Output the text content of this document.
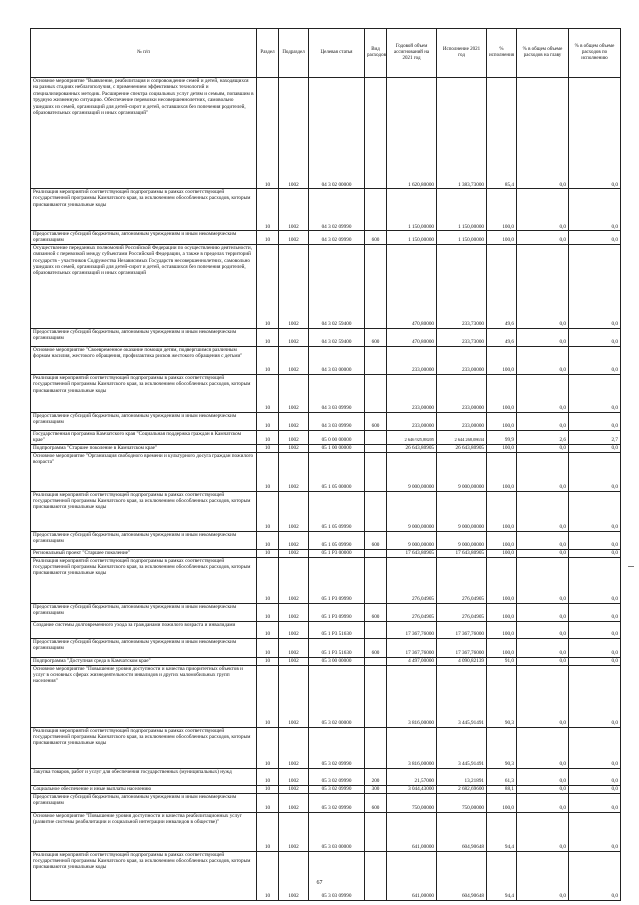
№ п/п	Раздел	Подраздел	Целевая статья	Вид расходов	Годовой объем ассигнований на 2021 год	Исполнение 2021 год	% исполнения	% в общем объеме расходов на главу	% в общем объеме расходов по исполнению
Основное мероприятие "Выявление, реабилитация и сопровождение семей и детей, находящихся на разных стадиях неблагополучия, с применением эффективных технологий и специализированных методик. Расширение спектра социальных услуг детям и семьям, попавшим в трудную жизненную ситуацию. Обеспечение перевозки несовершеннолетних, самовольно ушедших из семей, организаций для детей-сирот и детей, оставшихся без попечения родителей, образовательных организаций и иных организаций"	10	1002	04 3 02 00000		1 620,80000	1 383,73000	85,4	0,0	0,0
Реализация мероприятий соответствующей подпрограммы в рамках соответствующей государственной программы Камчатского края, за исключением обособленных расходов, которым присваиваются уникальные коды	10	1002	04 3 02 09990		1 150,00000	1 150,00000	100,0	0,0	0,0
Предоставление субсидий бюджетным, автономным учреждениям и иным некоммерческим организациям	10	1002	04 3 02 09990	600	1 150,00000	1 150,00000	100,0	0,0	0,0
Осуществление переданных полномочий Российской Федерации по осуществлению деятельности, связанной с перевозкой между субъектами Российской Федерации, а также в пределах территорий государств - участников Содружества Независимых Государств несовершеннолетних, самовольно ушедших из семей, организаций для детей-сирот и детей, оставшихся без попечения родителей, образовательных организаций и иных организаций	10	1002	04 3 02 59400		470,80000	233,73000	49,6	0,0	0,0
Предоставление субсидий бюджетным, автономным учреждениям и иным некоммерческим организациям	10	1002	04 3 02 59400	600	470,80000	233,73000	49,6	0,0	0,0
Основное мероприятие "Своевременное оказание помощи детям, подвергшимся различным формам насилия, жестокого обращения, профилактика рисков жестокого обращения с детьми"	10	1002	04 3 03 00000		233,00000	233,00000	100,0	0,0	0,0
Реализация мероприятий соответствующей подпрограммы в рамках соответствующей государственной программы Камчатского края, за исключением обособленных расходов, которым присваиваются уникальные коды	10	1002	04 3 03 09990		233,00000	233,00000	100,0	0,0	0,0
Предоставление субсидий бюджетным, автономным учреждениям и иным некоммерческим организациям	10	1002	04 3 03 09990	600	233,00000	233,00000	100,0	0,0	0,0
Государственная программа Камчатского края "Социальная поддержка граждан в Камчатском крае"	10	1002	05 0 00 00000		2 646 925,88205	2 644 268,08634	99,9	2,6	2,7
Подпрограмма "Старшее поколение в Камчатском крае"	10	1002	05 1 00 00000		26 643,80905	26 643,80905	100,0	0,0	0,0
Основное мероприятие "Организация свободного времени и культурного досуга граждан пожилого возраста"	10	1002	05 1 05 00000		9 000,00000	9 000,00000	100,0	0,0	0,0
Реализация мероприятий соответствующей подпрограммы в рамках соответствующей государственной программы Камчатского края, за исключением обособленных расходов, которым присваиваются уникальные коды	10	1002	05 1 05 09990		9 000,00000	9 000,00000	100,0	0,0	0,0
Предоставление субсидий бюджетным, автономным учреждениям и иным некоммерческим организациям	10	1002	05 1 05 09990	600	9 000,00000	9 000,00000	100,0	0,0	0,0
Региональный проект "Старшее поколение"	10	1002	05 1 P3 00000		17 643,80905	17 643,80905	100,0	0,0	0,0
Реализация мероприятий соответствующей подпрограммы в рамках соответствующей государственной программы Камчатского края, за исключением обособленных расходов, которым присваиваются уникальные коды	10	1002	05 1 P3 09990		276,04905	276,04905	100,0	0,0	0,0
Предоставление субсидий бюджетным, автономным учреждениям и иным некоммерческим организациям	10	1002	05 1 P3 09990	600	276,04905	276,04905	100,0	0,0	0,0
Создание системы долговременного ухода за гражданами пожилого возраста и инвалидами	10	1002	05 1 P3 51630		17 367,76000	17 367,76000	100,0	0,0	0,0
Предоставление субсидий бюджетным, автономным учреждениям и иным некоммерческим организациям	10	1002	05 1 P3 51630	600	17 367,76000	17 367,76000	100,0	0,0	0,0
Подпрограмма "Доступная среда в Камчатском крае"	10	1002	05 3 00 00000		4 497,00000	4 090,82139	91,0	0,0	0,0
Основное мероприятие "Повышение уровня доступности и качества приоритетных объектов и услуг в основных сферах жизнедеятельности инвалидов и других маломобильных групп населения"	10	1002	05 3 02 00000		3 816,00000	3 445,91491	90,3	0,0	0,0
Реализация мероприятий соответствующей подпрограммы в рамках соответствующей государственной программы Камчатского края, за исключением обособленных расходов, которым присваиваются уникальные коды	10	1002	05 3 02 09990		3 816,00000	3 445,91491	90,3	0,0	0,0
Закупка товаров, работ и услуг для обеспечения государственных (муниципальных) нужд	10	1002	05 3 02 09990	200	21,57000	13,21891	61,3	0,0	0,0
Социальное обеспечение и иные выплаты населению	10	1002	05 3 02 09990	300	3 044,43000	2 682,69600	88,1	0,0	0,0
Предоставление субсидий бюджетным, автономным учреждениям и иным некоммерческим организациям	10	1002	05 3 02 09990	600	750,00000	750,00000	100,0	0,0	0,0
Основное мероприятие "Повышение уровня доступности и качества реабилитационных услуг (развитие системы реабилитации и социальной интеграции инвалидов в обществе)"	10	1002	05 3 03 00000		641,00000	604,90648	94,4	0,0	0,0
Реализация мероприятий соответствующей подпрограммы в рамках соответствующей государственной программы Камчатского края, за исключением обособленных расходов, которым присваиваются уникальные коды	10	1002	05 3 03 09990		641,00000	604,90648	94,4	0,0	0,0
67
